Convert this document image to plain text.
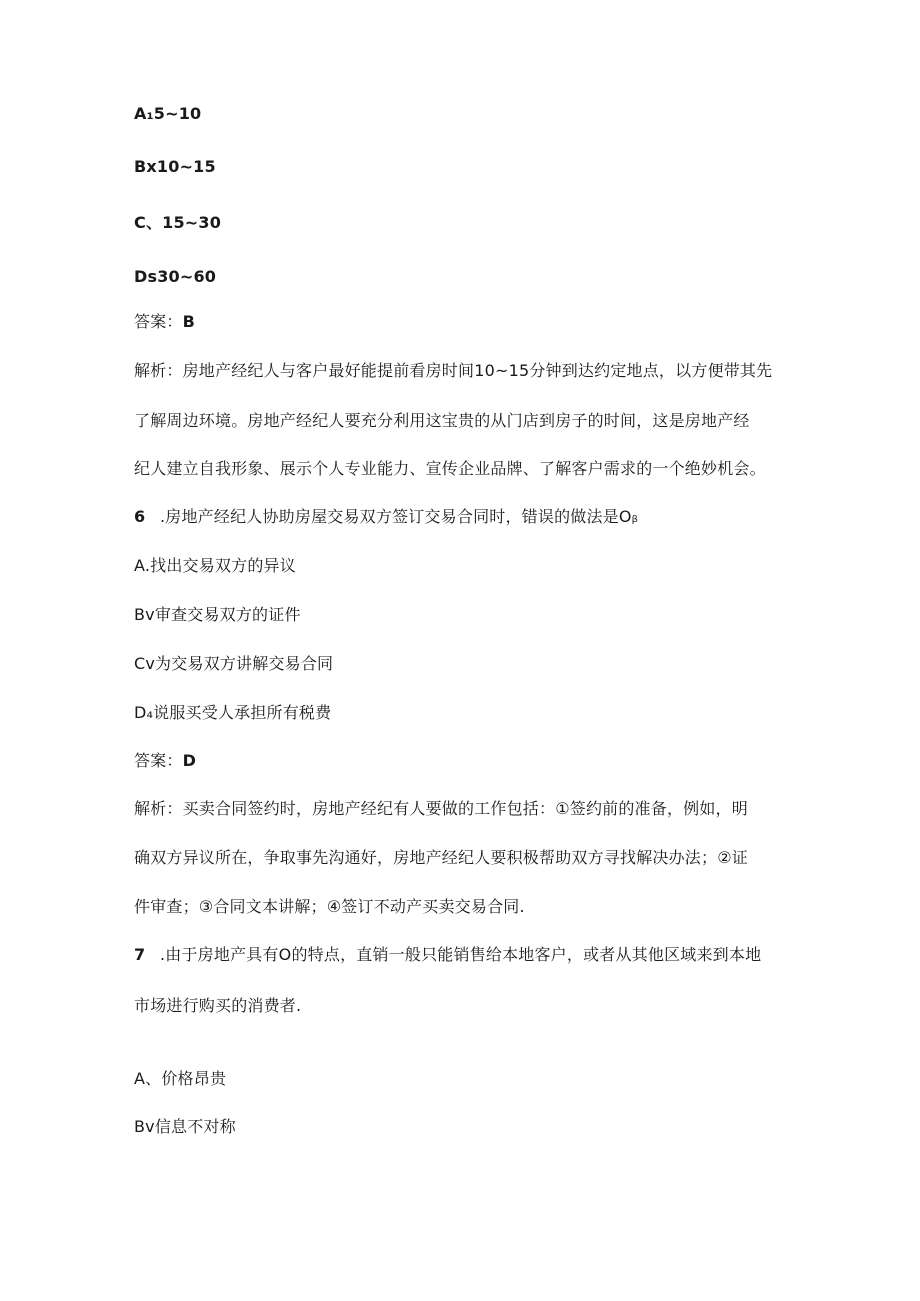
A₁5~10
Bx10~15
C、15~30
Ds30~60
答案：B
解析：房地产经纪人与客户最好能提前看房时间10~15分钟到达约定地点，以方便带其先
了解周边环境。房地产经纪人要充分利用这宝贵的从门店到房子的时间，这是房地产经
纪人建立自我形象、展示个人专业能力、宣传企业品牌、了解客户需求的一个绝妙机会。
6 .房地产经纪人协助房屋交易双方签订交易合同时，错误的做法是Oᵦ
A.找出交易双方的异议
Bv审查交易双方的证件
Cv为交易双方讲解交易合同
D₄说服买受人承担所有税费
答案：D
解析：买卖合同签约时，房地产经纪有人要做的工作包括：①签约前的准备，例如，明
确双方异议所在，争取事先沟通好，房地产经纪人要积极帮助双方寻找解决办法；②证
件审查；③合同文本讲解；④签订不动产买卖交易合同.
7 .由于房地产具有O的特点，直销一般只能销售给本地客户，或者从其他区域来到本地
市场进行购买的消费者.
A、价格昂贵
Bv信息不对称
